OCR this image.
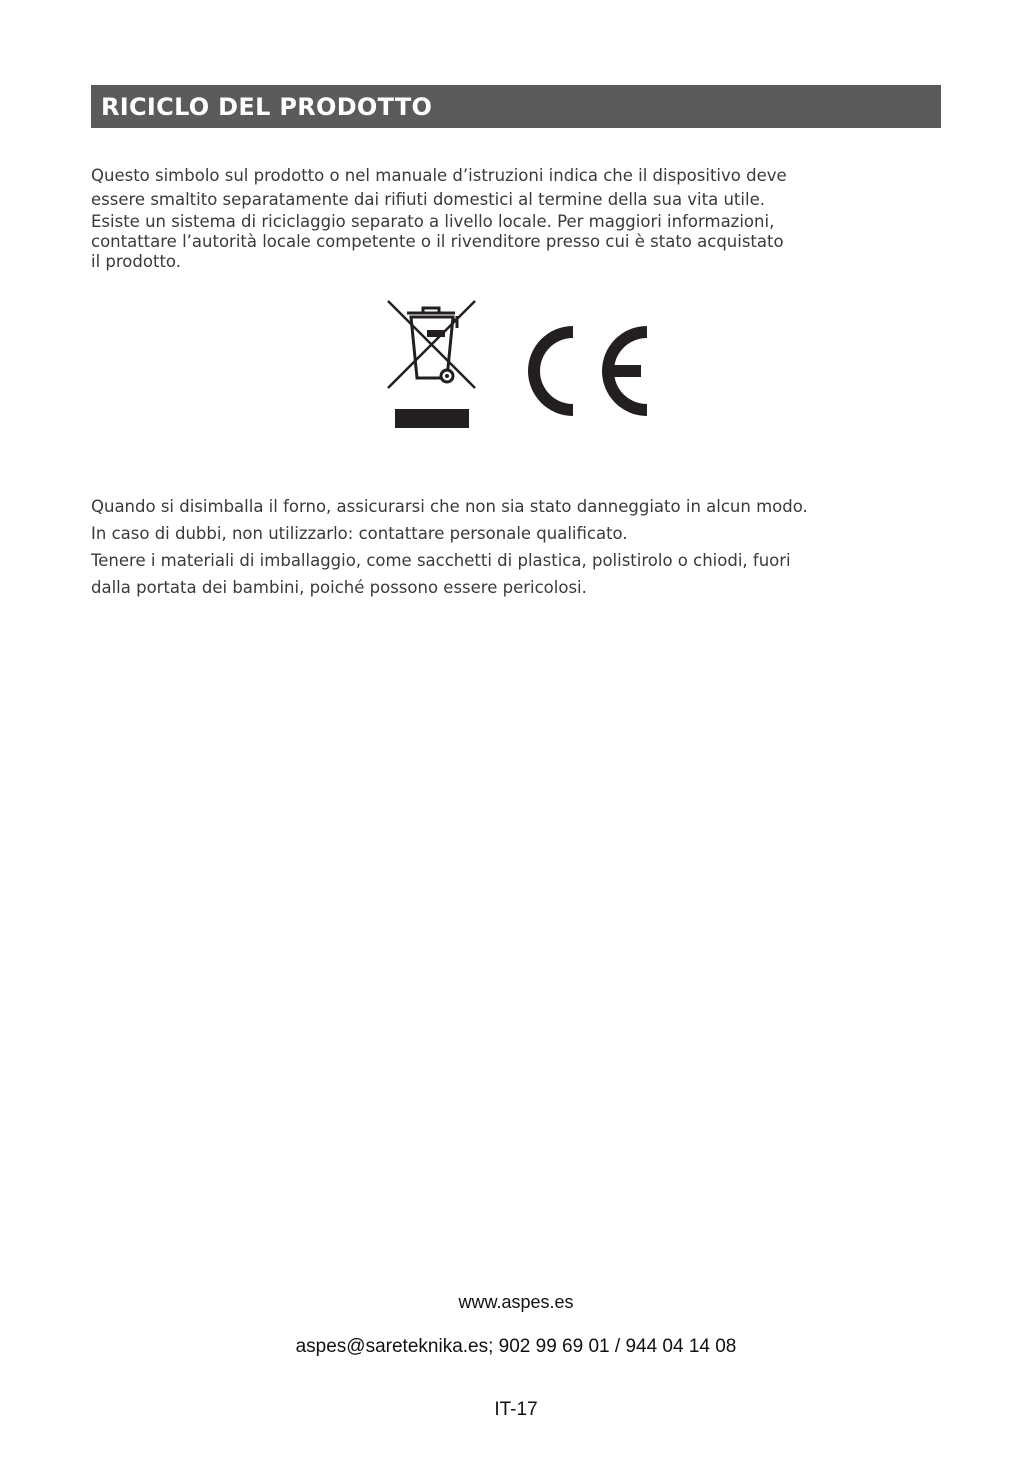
RICICLO DEL PRODOTTO

Questo simbolo sul prodotto o nel manuale d’istruzioni indica che il dispositivo deve
essere smaltito separatamente dai rifiuti domestici al termine della sua vita utile.
Esiste un sistema di riciclaggio separato a livello locale. Per maggiori informazioni,
contattare l’autorità locale competente o il rivenditore presso cui è stato acquistato
il prodotto.

Quando si disimballa il forno, assicurarsi che non sia stato danneggiato in alcun modo.
In caso di dubbi, non utilizzarlo: contattare personale qualificato.
Tenere i materiali di imballaggio, come sacchetti di plastica, polistirolo o chiodi, fuori
dalla portata dei bambini, poiché possono essere pericolosi.

www.aspes.es

aspes@sareteknika.es; 902 99 69 01 / 944 04 14 08

IT-17
